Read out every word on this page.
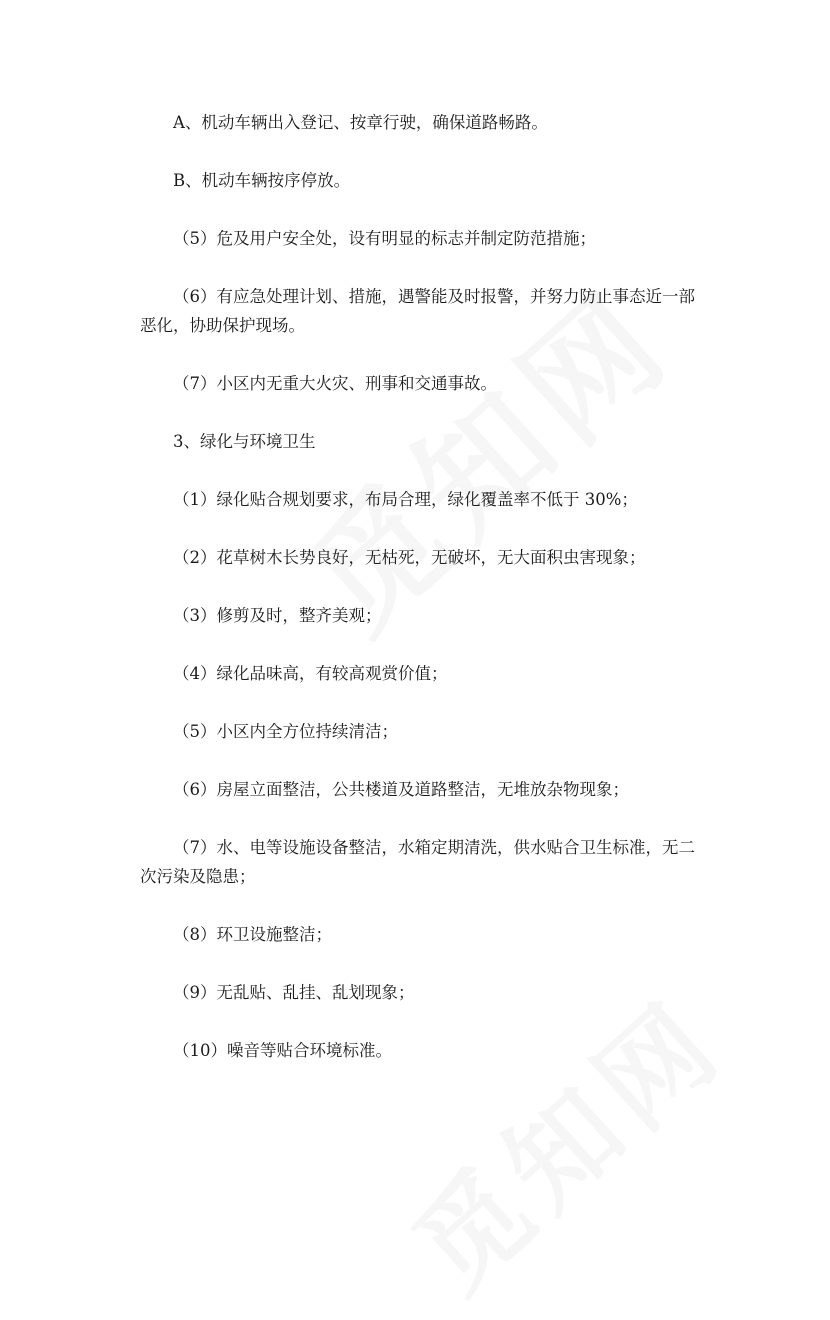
A、机动车辆出入登记、按章行驶，确保道路畅路。

B、机动车辆按序停放。

（5）危及用户安全处，设有明显的标志并制定防范措施；

（6）有应急处理计划、措施，遇警能及时报警，并努力防止事态近一部
恶化，协助保护现场。

（7）小区内无重大火灾、刑事和交通事故。

3、绿化与环境卫生

（1）绿化贴合规划要求，布局合理，绿化覆盖率不低于 30%；

（2）花草树木长势良好，无枯死，无破坏，无大面积虫害现象；

（3）修剪及时，整齐美观；

（4）绿化品味高，有较高观赏价值；

（5）小区内全方位持续清洁；

（6）房屋立面整洁，公共楼道及道路整洁，无堆放杂物现象；

（7）水、电等设施设备整洁，水箱定期清洗，供水贴合卫生标准，无二
次污染及隐患；

（8）环卫设施整洁；

（9）无乱贴、乱挂、乱划现象；

（10）噪音等贴合环境标准。
